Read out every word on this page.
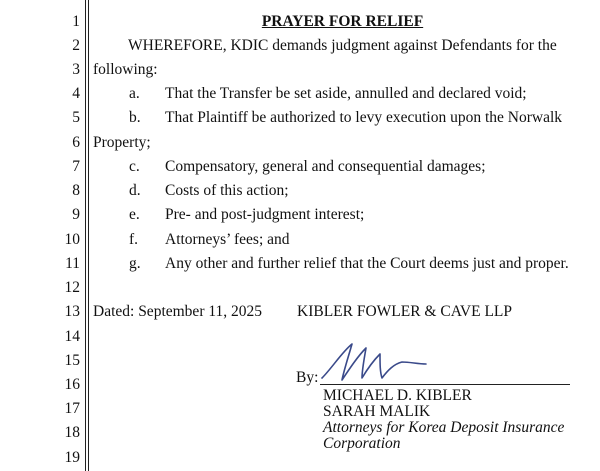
1
2
3
4
5
6
7
8
9
10
11
12
13
14
15
16
17
18
19
PRAYER FOR RELIEF
WHEREFORE, KDIC demands judgment against Defendants for the
following:
a. That the Transfer be set aside, annulled and declared void;
b. That Plaintiff be authorized to levy execution upon the Norwalk
Property;
c. Compensatory, general and consequential damages;
d. Costs of this action;
e. Pre- and post-judgment interest;
f. Attorneys’ fees; and
g. Any other and further relief that the Court deems just and proper.
Dated: September 11, 2025 KIBLER FOWLER & CAVE LLP
By:
MICHAEL D. KIBLER
SARAH MALIK
Attorneys for Korea Deposit Insurance
Corporation
